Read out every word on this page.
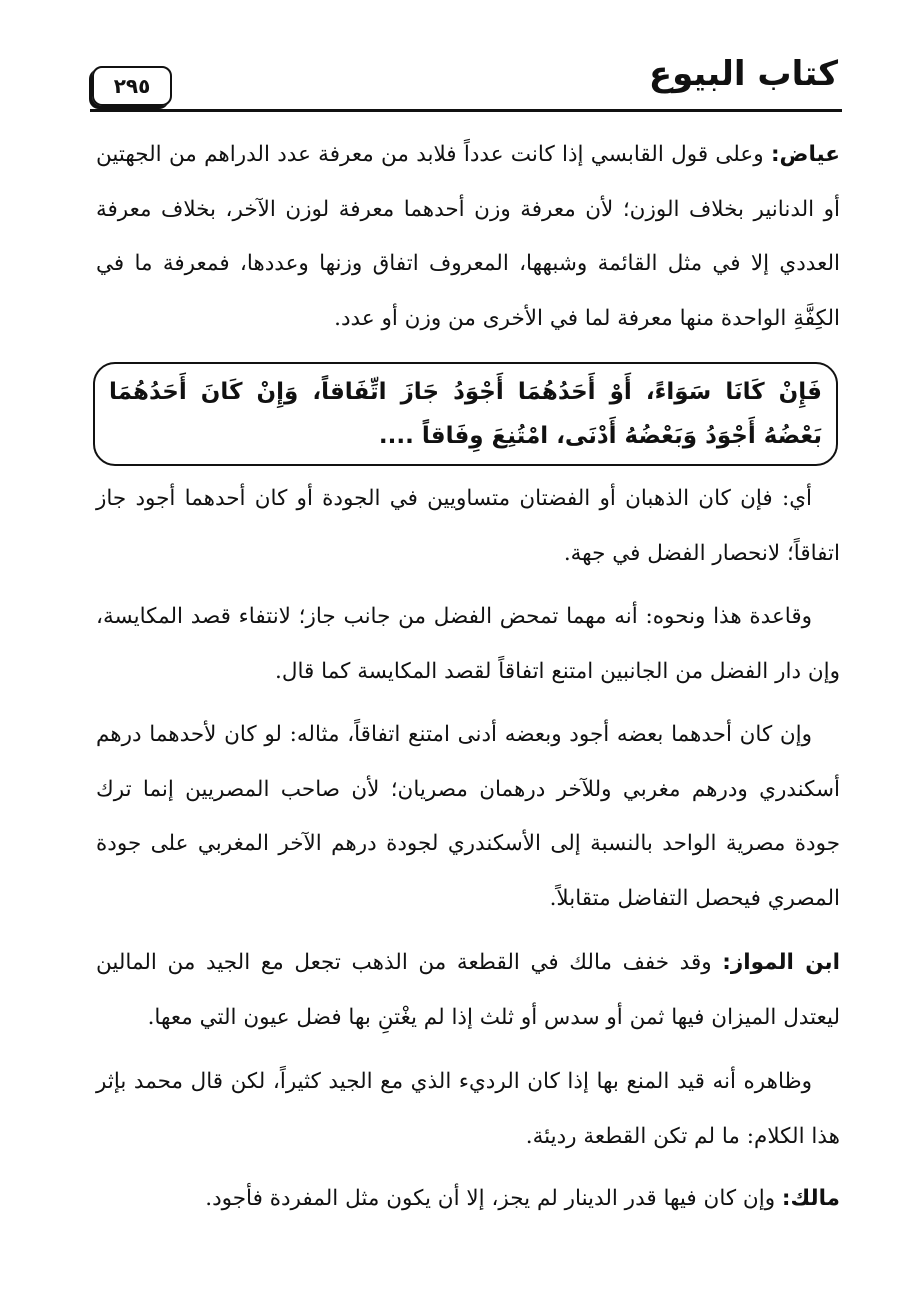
كتاب البيوع
٢٩٥
عياض: وعلى قول القابسي إذا كانت عدداً فلابد من معرفة عدد الدراهم من الجهتين أو الدنانير بخلاف الوزن؛ لأن معرفة وزن أحدهما معرفة لوزن الآخر، بخلاف معرفة العددي إلا في مثل القائمة وشبهها، المعروف اتفاق وزنها وعددها، فمعرفة ما في الكِفَّةِ الواحدة منها معرفة لما في الأخرى من وزن أو عدد.
فَإِنْ كَانَا سَوَاءً، أَوْ أَحَدُهُمَا أَجْوَدُ جَازَ اتِّفَاقاً، وَإِنْ كَانَ أَحَدُهُمَا بَعْضُهُ أَجْوَدُ وَبَعْضُهُ أَدْنَى، امْتُنِعَ وِفَاقاً ....
أي: فإن كان الذهبان أو الفضتان متساويين في الجودة أو كان أحدهما أجود جاز اتفاقاً؛ لانحصار الفضل في جهة.
وقاعدة هذا ونحوه: أنه مهما تمحض الفضل من جانب جاز؛ لانتفاء قصد المكايسة، وإن دار الفضل من الجانبين امتنع اتفاقاً لقصد المكايسة كما قال.
وإن كان أحدهما بعضه أجود وبعضه أدنى امتنع اتفاقاً، مثاله: لو كان لأحدهما درهم أسكندري ودرهم مغربي وللآخر درهمان مصريان؛ لأن صاحب المصريين إنما ترك جودة مصرية الواحد بالنسبة إلى الأسكندري لجودة درهم الآخر المغربي على جودة المصري فيحصل التفاضل متقابلاً.
ابن المواز: وقد خفف مالك في القطعة من الذهب تجعل مع الجيد من المالين ليعتدل الميزان فيها ثمن أو سدس أو ثلث إذا لم يغْتنِ بها فضل عيون التي معها.
وظاهره أنه قيد المنع بها إذا كان الرديء الذي مع الجيد كثيراً، لكن قال محمد بإثر هذا الكلام: ما لم تكن القطعة رديئة.
مالك: وإن كان فيها قدر الدينار لم يجز، إلا أن يكون مثل المفردة فأجود.
